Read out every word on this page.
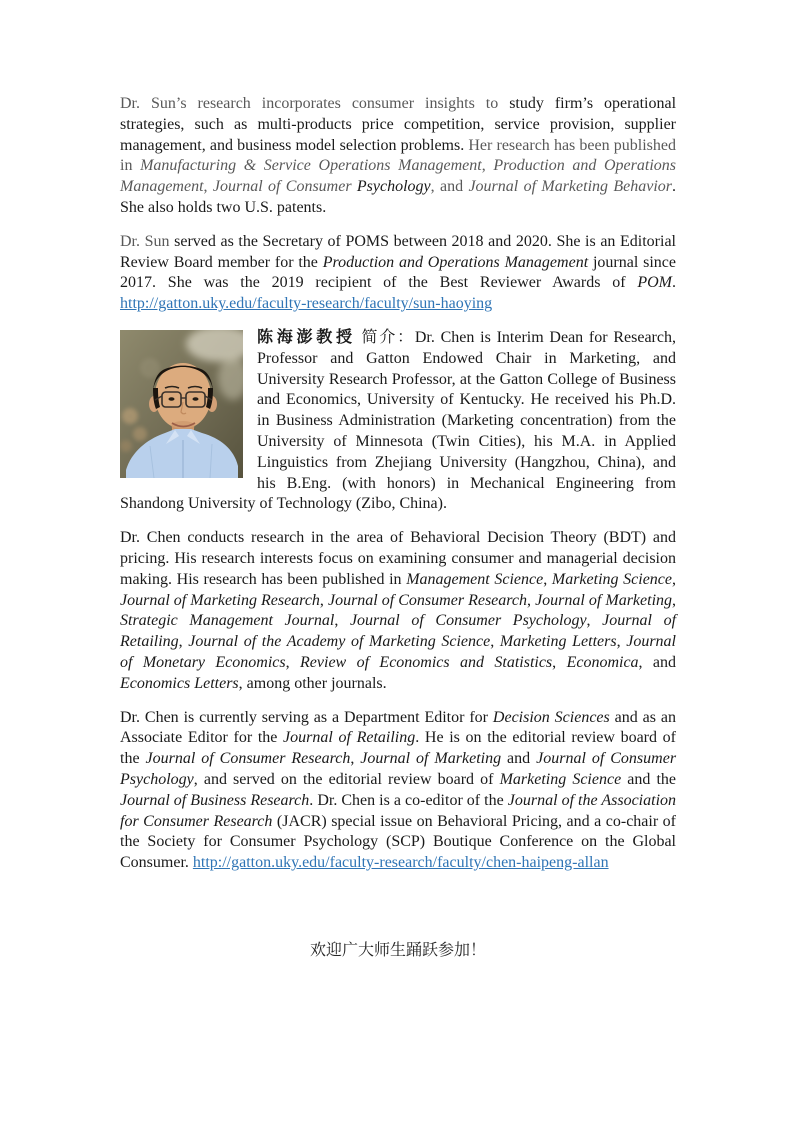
Dr. Sun’s research incorporates consumer insights to study firm’s operational strategies, such as multi-products price competition, service provision, supplier management, and business model selection problems. Her research has been published in Manufacturing & Service Operations Management, Production and Operations Management, Journal of Consumer Psychology, and Journal of Marketing Behavior. She also holds two U.S. patents.

Dr. Sun served as the Secretary of POMS between 2018 and 2020. She is an Editorial Review Board member for the Production and Operations Management journal since 2017. She was the 2019 recipient of the Best Reviewer Awards of POM. http://gatton.uky.edu/faculty-research/faculty/sun-haoying

陈海澎教授 简介：Dr. Chen is Interim Dean for Research, Professor and Gatton Endowed Chair in Marketing, and University Research Professor, at the Gatton College of Business and Economics, University of Kentucky. He received his Ph.D. in Business Administration (Marketing concentration) from the University of Minnesota (Twin Cities), his M.A. in Applied Linguistics from Zhejiang University (Hangzhou, China), and his B.Eng. (with honors) in Mechanical Engineering from Shandong University of Technology (Zibo, China).

Dr. Chen conducts research in the area of Behavioral Decision Theory (BDT) and pricing. His research interests focus on examining consumer and managerial decision making. His research has been published in Management Science, Marketing Science, Journal of Marketing Research, Journal of Consumer Research, Journal of Marketing, Strategic Management Journal, Journal of Consumer Psychology, Journal of Retailing, Journal of the Academy of Marketing Science, Marketing Letters, Journal of Monetary Economics, Review of Economics and Statistics, Economica, and Economics Letters, among other journals.

Dr. Chen is currently serving as a Department Editor for Decision Sciences and as an Associate Editor for the Journal of Retailing. He is on the editorial review board of the Journal of Consumer Research, Journal of Marketing and Journal of Consumer Psychology, and served on the editorial review board of Marketing Science and the Journal of Business Research. Dr. Chen is a co-editor of the Journal of the Association for Consumer Research (JACR) special issue on Behavioral Pricing, and a co-chair of the Society for Consumer Psychology (SCP) Boutique Conference on the Global Consumer. http://gatton.uky.edu/faculty-research/faculty/chen-haipeng-allan

欢迎广大师生踊跃参加！
